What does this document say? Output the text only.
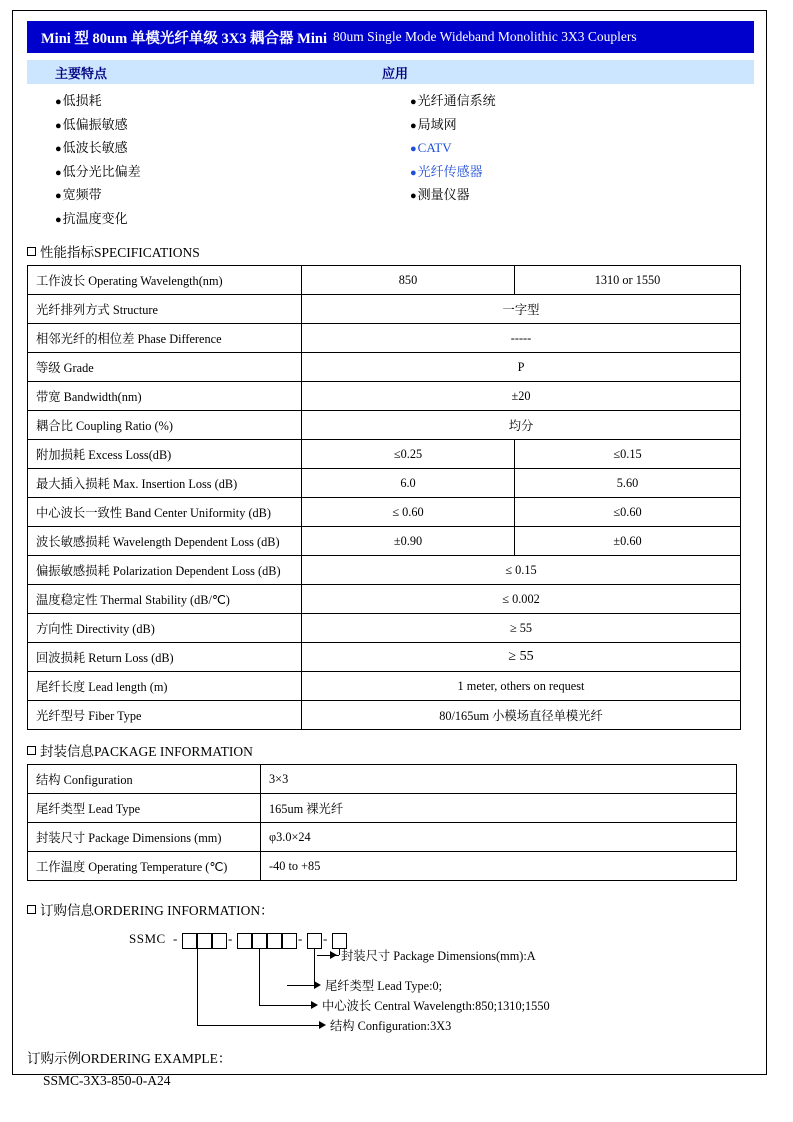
Mini 型 80um 单模光纤单级 3X3 耦合器 Mini 80um Single Mode Wideband Monolithic 3X3 Couplers
主要特点	应用
●低损耗
●低偏振敏感
●低波长敏感
●低分光比偏差
●宽频带
●抗温度变化
●光纤通信系统
●局域网
●CATV
●光纤传感器
●测量仪器
性能指标SPECIFICATIONS
工作波长 Operating Wavelength(nm)	850	1310 or 1550
光纤排列方式 Structure	一字型	
相邻光纤的相位差 Phase Difference	-----	
等级 Grade	P	
带宽 Bandwidth(nm)	±20	
耦合比 Coupling Ratio (%)	均分	
附加损耗 Excess Loss(dB)	≤0.25	≤0.15
最大插入损耗 Max. Insertion Loss (dB)	6.0	5.60
中心波长一致性 Band Center Uniformity (dB)	≤ 0.60	≤0.60
波长敏感损耗 Wavelength Dependent Loss (dB)	±0.90	±0.60
偏振敏感损耗 Polarization Dependent Loss (dB)	≤ 0.15	
温度稳定性 Thermal Stability (dB/℃)	≤ 0.002	
方向性 Directivity (dB)	≥ 55	
回波损耗 Return Loss (dB)	≥ 55	
尾纤长度 Lead length (m)	1 meter, others on request	
光纤型号 Fiber Type	80/165um 小模场直径单模光纤	
封装信息PACKAGE INFORMATION
结构 Configuration	3×3
尾纤类型 Lead Type	165um 裸光纤
封装尺寸 Package Dimensions (mm)	φ3.0×24
工作温度 Operating Temperature (℃)	-40 to +85
订购信息ORDERING INFORMATION：
SSMC -	-	- -
封装尺寸 Package Dimensions(mm):A
尾纤类型 Lead Type:0;
中心波长 Central Wavelength:850;1310;1550
结构 Configuration:3X3
订购示例ORDERING EXAMPLE：
SSMC-3X3-850-0-A24
